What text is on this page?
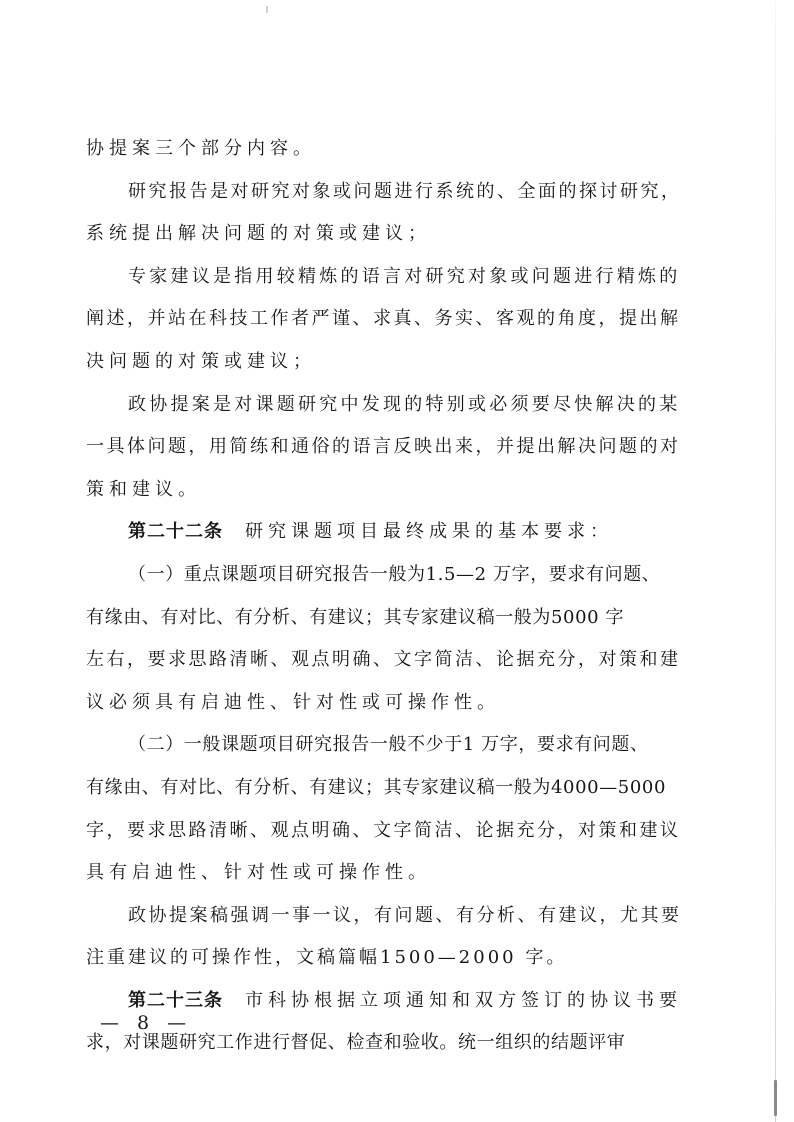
协提案三个部分内容。
研究报告是对研究对象或问题进行系统的、全面的探讨研究，
系统提出解决问题的对策或建议；
专家建议是指用较精炼的语言对研究对象或问题进行精炼的
阐述，并站在科技工作者严谨、求真、务实、客观的角度，提出解
决问题的对策或建议；
政协提案是对课题研究中发现的特别或必须要尽快解决的某
一具体问题，用简练和通俗的语言反映出来，并提出解决问题的对
策和建议。
第二十二条 研究课题项目最终成果的基本要求：
（一）重点课题项目研究报告一般为1.5—2 万字，要求有问题、
有缘由、有对比、有分析、有建议；其专家建议稿一般为5000 字
左右，要求思路清晰、观点明确、文字简洁、论据充分，对策和建
议必须具有启迪性、针对性或可操作性。
（二）一般课题项目研究报告一般不少于1 万字，要求有问题、
有缘由、有对比、有分析、有建议；其专家建议稿一般为4000—5000
字，要求思路清晰、观点明确、文字简洁、论据充分，对策和建议
具有启迪性、针对性或可操作性。
政协提案稿强调一事一议，有问题、有分析、有建议，尤其要
注重建议的可操作性，文稿篇幅1500—2000 字。
第二十三条 市科协根据立项通知和双方签订的协议书要
求，对课题研究工作进行督促、检查和验收。统一组织的结题评审
— 8 —
